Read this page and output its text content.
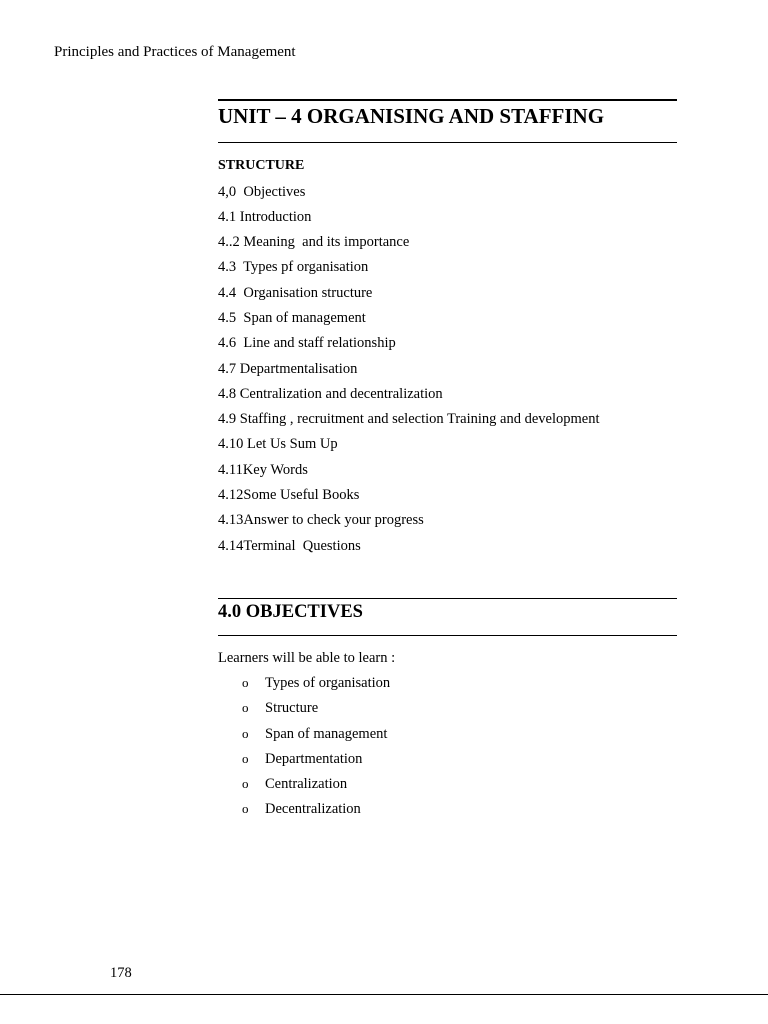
Principles and Practices of Management
UNIT – 4 ORGANISING AND STAFFING
STRUCTURE
4,0  Objectives
4.1 Introduction
4..2 Meaning  and its importance
4.3  Types pf organisation
4.4  Organisation structure
4.5  Span of management
4.6  Line and staff relationship
4.7 Departmentalisation
4.8 Centralization and decentralization
4.9 Staffing , recruitment and selection Training and development
4.10 Let Us Sum Up
4.11Key Words
4.12Some Useful Books
4.13Answer to check your progress
4.14Terminal  Questions
4.0 OBJECTIVES
Learners will be able to learn :
o Types of organisation
o Structure
o Span of management
o Departmentation
o Centralization
o Decentralization
178
